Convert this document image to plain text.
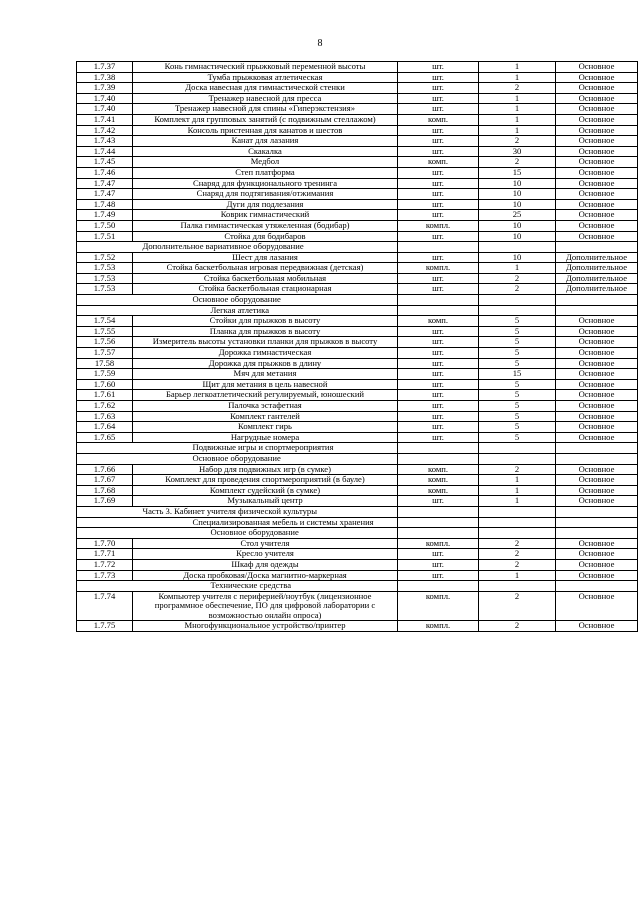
8
1.7.37	Конь гимнастический прыжковый переменной высоты	шт.	1	Основное
1.7.38	Тумба прыжковая атлетическая	шт.	1	Основное
1.7.39	Доска навесная для гимнастической стенки	шт.	2	Основное
1.7.40	Тренажер навесной для пресса	шт.	1	Основное
1.7.40	Тренажер навесной для спины «Гиперэкстензия»	шт.	1	Основное
1.7.41	Комплект для групповых занятий (с подвижным стеллажом)	комп.	1	Основное
1.7.42	Консоль пристенная для канатов и шестов	шт.	1	Основное
1.7.43	Канат для лазания	шт.	2	Основное
1.7.44	Скакалка	шт.	30	Основное
1.7.45	Медбол	комп.	2	Основное
1.7.46	Степ платформа	шт.	15	Основное
1.7.47	Снаряд для функционального тренинга	шт.	10	Основное
1.7.47	Снаряд для подтягивания/отжимания	шт.	10	Основное
1.7.48	Дуги для подлезания	шт.	10	Основное
1.7.49	Коврик гимнастический	шт.	25	Основное
1.7.50	Палка гимнастическая утяжеленная (бодибар)	компл.	10	Основное
1.7.51	Стойка для бодибаров	шт.	10	Основное
	Дополнительное вариативное оборудование			
1.7.52	Шест для лазания	шт.	10	Дополнительное
1.7.53	Стойка баскетбольная игровая передвижная (детская)	компл.	1	Дополнительное
1.7.53	Стойка баскетбольная мобильная	шт.	2	Дополнительное
1.7.53	Стойка баскетбольная стационарная	шт.	2	Дополнительное
	Основное оборудование			
	Легкая атлетика			
1.7.54	Стойки для прыжков в высоту	комп.	5	Основное
1.7.55	Планка для прыжков в высоту	шт.	5	Основное
1.7.56	Измеритель высоты установки планки для прыжков в высоту	шт.	5	Основное
1.7.57	Дорожка гимнастическая	шт.	5	Основное
17.58	Дорожка для прыжков в длину	шт.	5	Основное
1.7.59	Мяч для метания	шт.	15	Основное
1.7.60	Щит для метания в цель навесной	шт.	5	Основное
1.7.61	Барьер легкоатлетический регулируемый, юношеский	шт.	5	Основное
1.7.62	Палочка эстафетная	шт.	5	Основное
1.7.63	Комплект гантелей	шт.	5	Основное
1.7.64	Комплект гирь	шт.	5	Основное
1.7.65	Нагрудные номера	шт.	5	Основное
	Подвижные игры и спортмероприятия			
	Основное оборудование			
1.7.66	Набор для подвижных игр (в сумке)	комп.	2	Основное
1.7.67	Комплект для проведения спортмероприятий (в бауле)	комп.	1	Основное
1.7.68	Комплект судейский (в сумке)	комп.	1	Основное
1.7.69	Музыкальный центр	шт.	1	Основное
	Часть 3. Кабинет учителя физической культуры			
	Специализированная мебель и системы хранения			
	Основное оборудование			
1.7.70	Стол учителя	компл.	2	Основное
1.7.71	Кресло учителя	шт.	2	Основное
1.7.72	Шкаф для одежды	шт.	2	Основное
1.7.73	Доска пробковая/Доска магнитно-маркерная	шт.	1	Основное
	Технические средства			
1.7.74	Компьютер учителя с периферией/ноутбук (лицензионное программное обеспечение, ПО для цифровой лаборатории с возможностью онлайн опроса)	компл.	2	Основное
1.7.75	Многофункциональное устройство/принтер	компл.	2	Основное
